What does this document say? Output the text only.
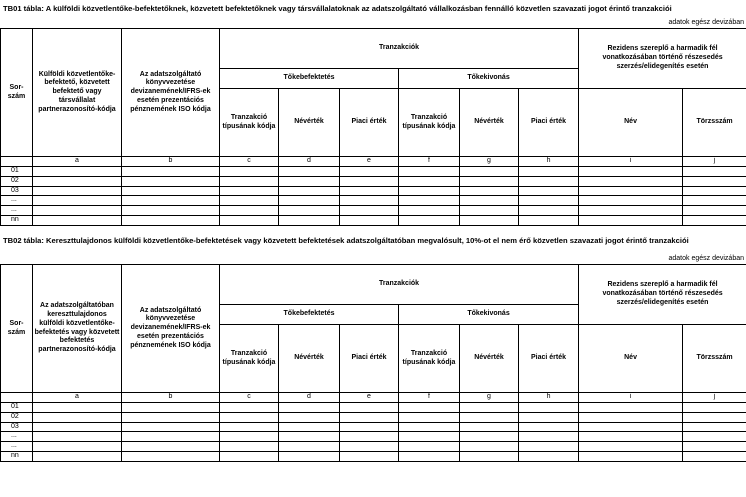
TB01 tábla: A külföldi közvetlentőke-befektetőknek, közvetett befektetőknek vagy társvállalatoknak az adatszolgáltató vállalkozásban fennálló közvetlen szavazati jogot érintő tranzakciói
adatok egész devizában
Sor-szám	Külföldi közvetlentőke-befektető, közvetett befektető vagy társvállalat partnerazonosító-kódja	Az adatszolgáltató könyvvezetése devizanemének/IFRS-ek esetén prezentációs pénznemének ISO kódja	Tranzakciók						Rezidens szereplő a harmadik fél vonatkozásában történő részesedés szerzés/elidegenítés esetén	
			Tőkebefektetés			Tőkekivonás				
			Tranzakció típusának kódja	Névérték	Piaci érték	Tranzakció típusának kódja	Névérték	Piaci érték	Név	Törzsszám
	a	b	c	d	e	f	g	h	i	j
01										
02										
03										
...										
...										
nn										
TB02 tábla: Kereszttulajdonos külföldi közvetlentőke-befektetések vagy közvetett befektetések adatszolgáltatóban megvalósult, 10%-ot el nem érő közvetlen szavazati jogot érintő tranzakciói
adatok egész devizában
Sor-szám	Az adatszolgáltatóban kereszttulajdonos külföldi közvetlentőke-befektetés vagy közvetett befektetés partnerazonosító-kódja	Az adatszolgáltató könyvvezetése devizanemének/IFRS-ek esetén prezentációs pénznemének ISO kódja	Tranzakciók						Rezidens szereplő a harmadik fél vonatkozásában történő részesedés szerzés/elidegenítés esetén	
			Tőkebefektetés			Tőkekivonás				
			Tranzakció típusának kódja	Névérték	Piaci érték	Tranzakció típusának kódja	Névérték	Piaci érték	Név	Törzsszám
	a	b	c	d	e	f	g	h	i	j
01										
02										
03										
...										
...										
nn										
